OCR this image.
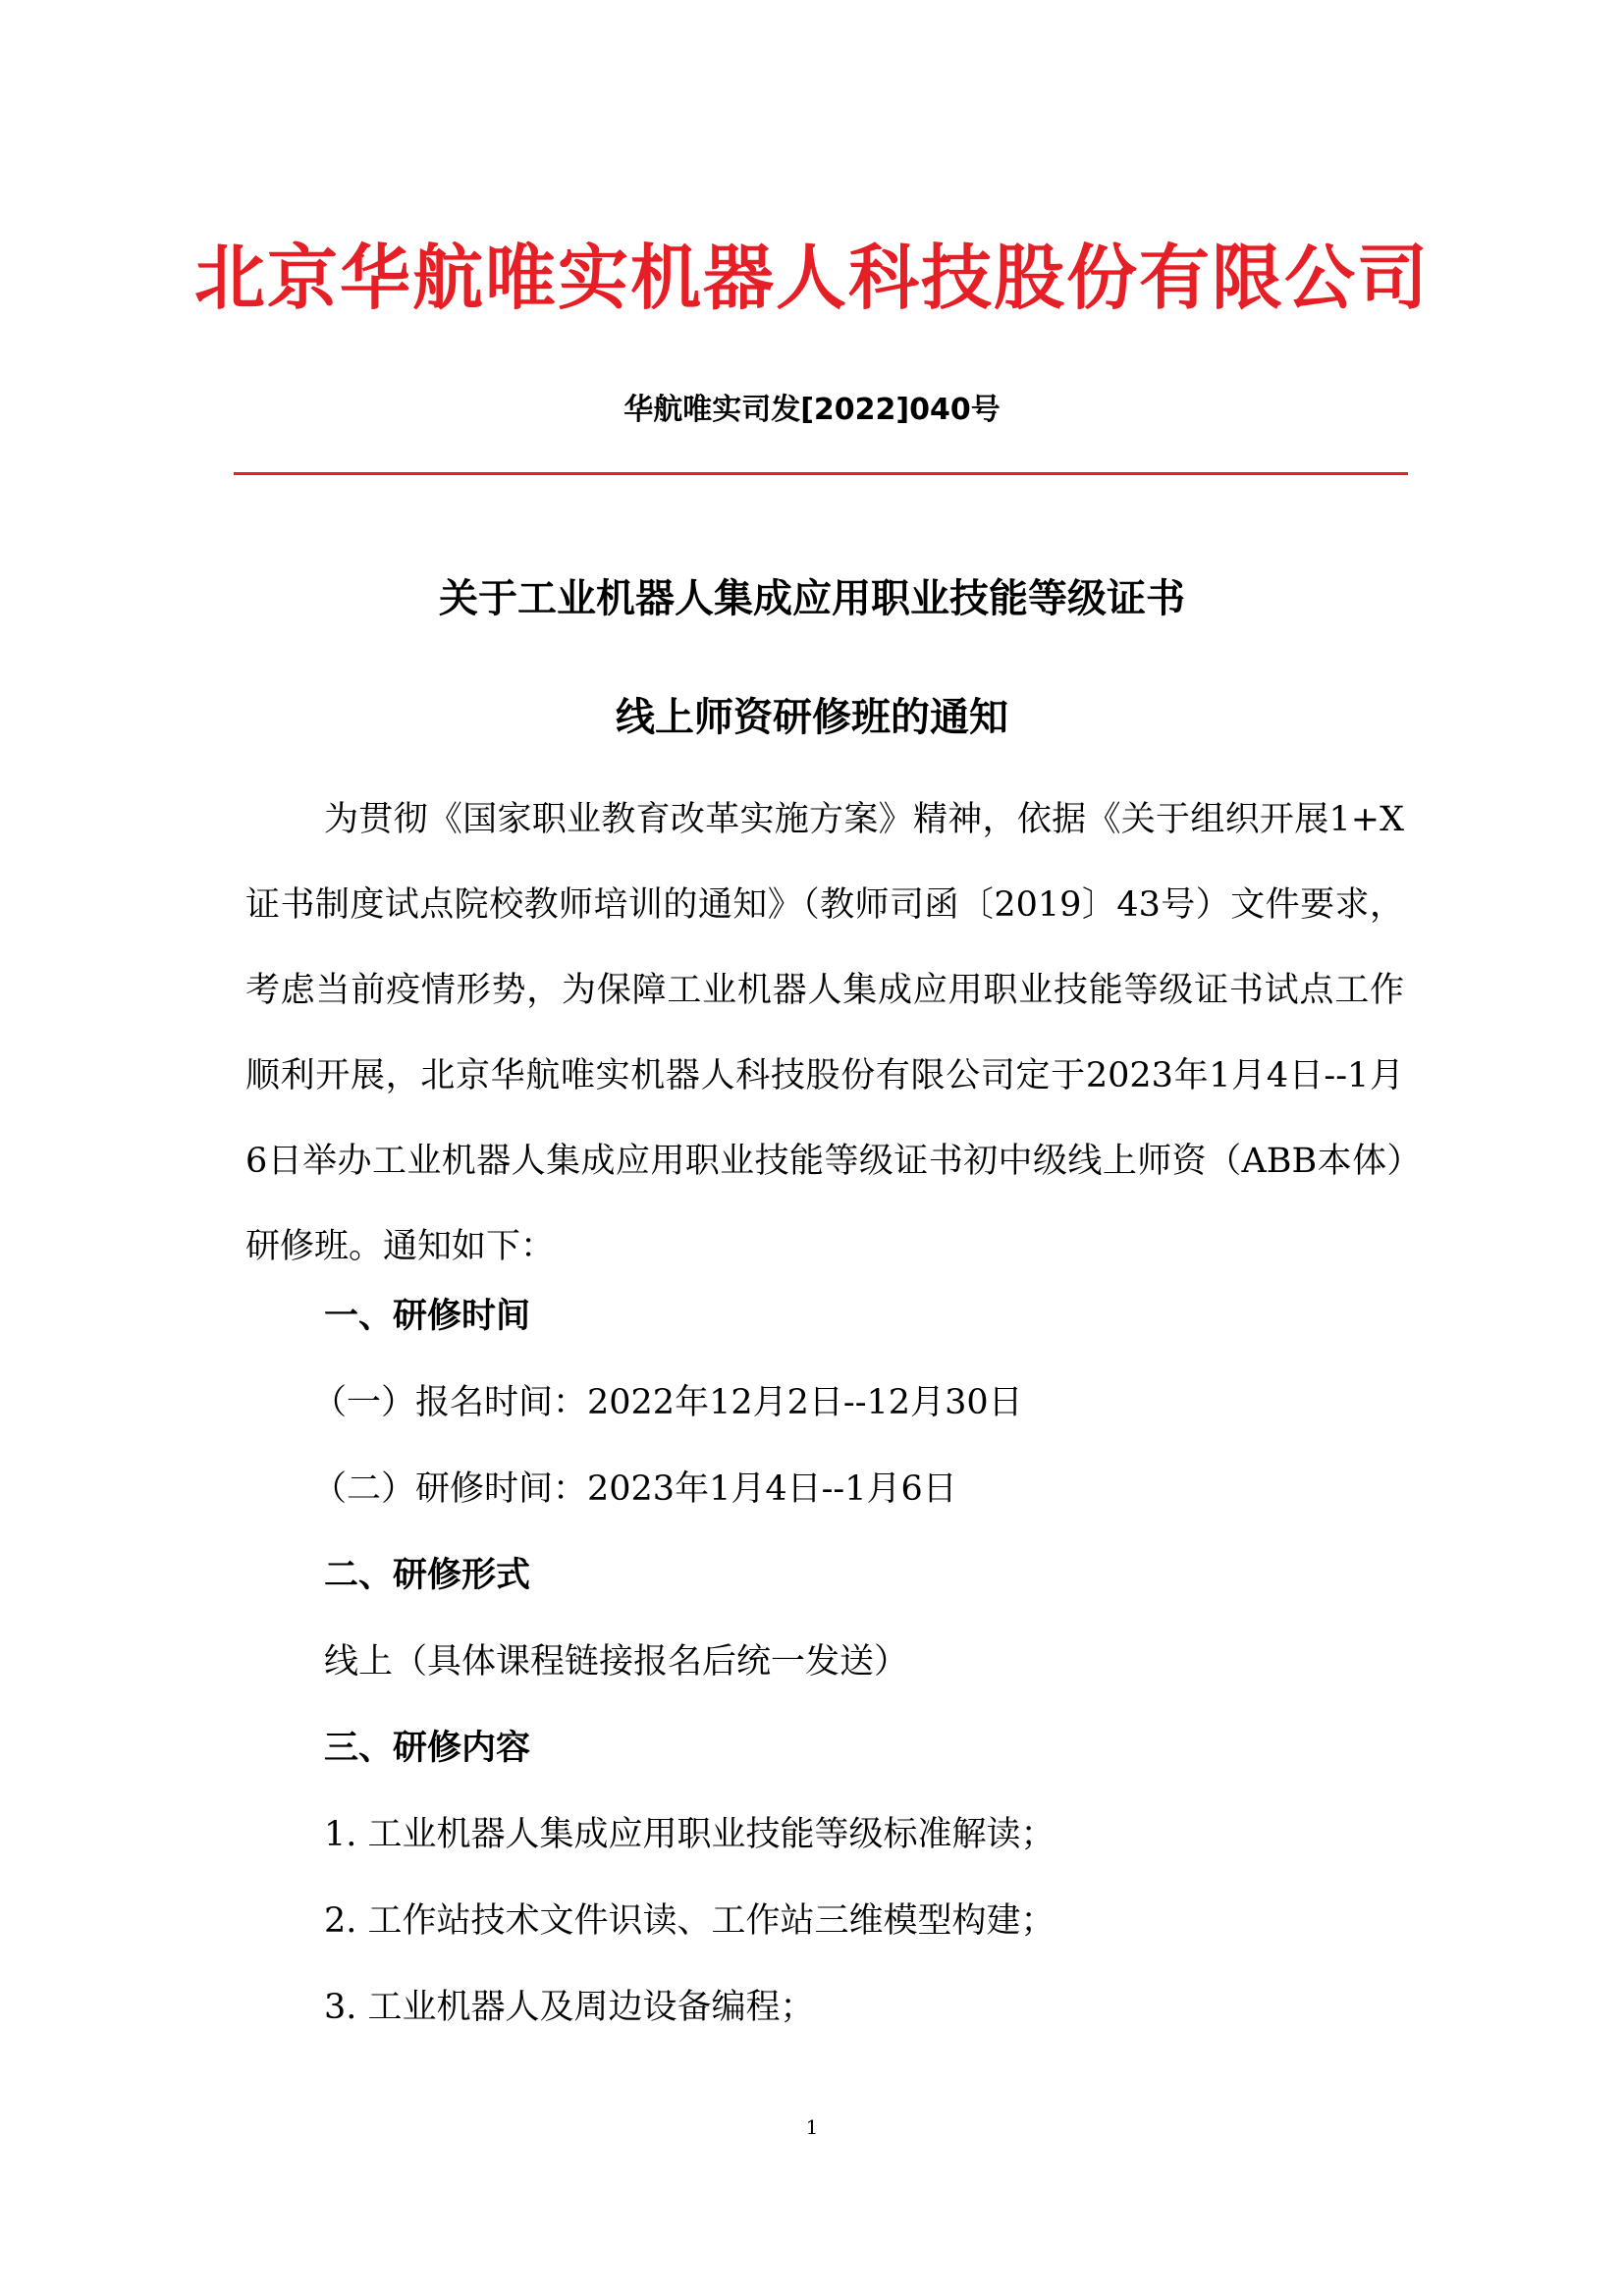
北京华航唯实机器人科技股份有限公司
华航唯实司发[2022]040号
关于工业机器人集成应用职业技能等级证书
线上师资研修班的通知
为贯彻《国家职业教育改革实施方案》精神，依据《关于组织开展1+X证书制度试点院校教师培训的通知》（教师司函〔2019〕43号）文件要求，考虑当前疫情形势，为保障工业机器人集成应用职业技能等级证书试点工作顺利开展，北京华航唯实机器人科技股份有限公司定于2023年1月4日--1月6日举办工业机器人集成应用职业技能等级证书初中级线上师资（ABB本体）研修班。通知如下：
一、研修时间
（一）报名时间：2022年12月2日--12月30日
（二）研修时间：2023年1月4日--1月6日
二、研修形式
线上（具体课程链接报名后统一发送）
三、研修内容
1. 工业机器人集成应用职业技能等级标准解读；
2. 工作站技术文件识读、工作站三维模型构建；
3. 工业机器人及周边设备编程；
1
